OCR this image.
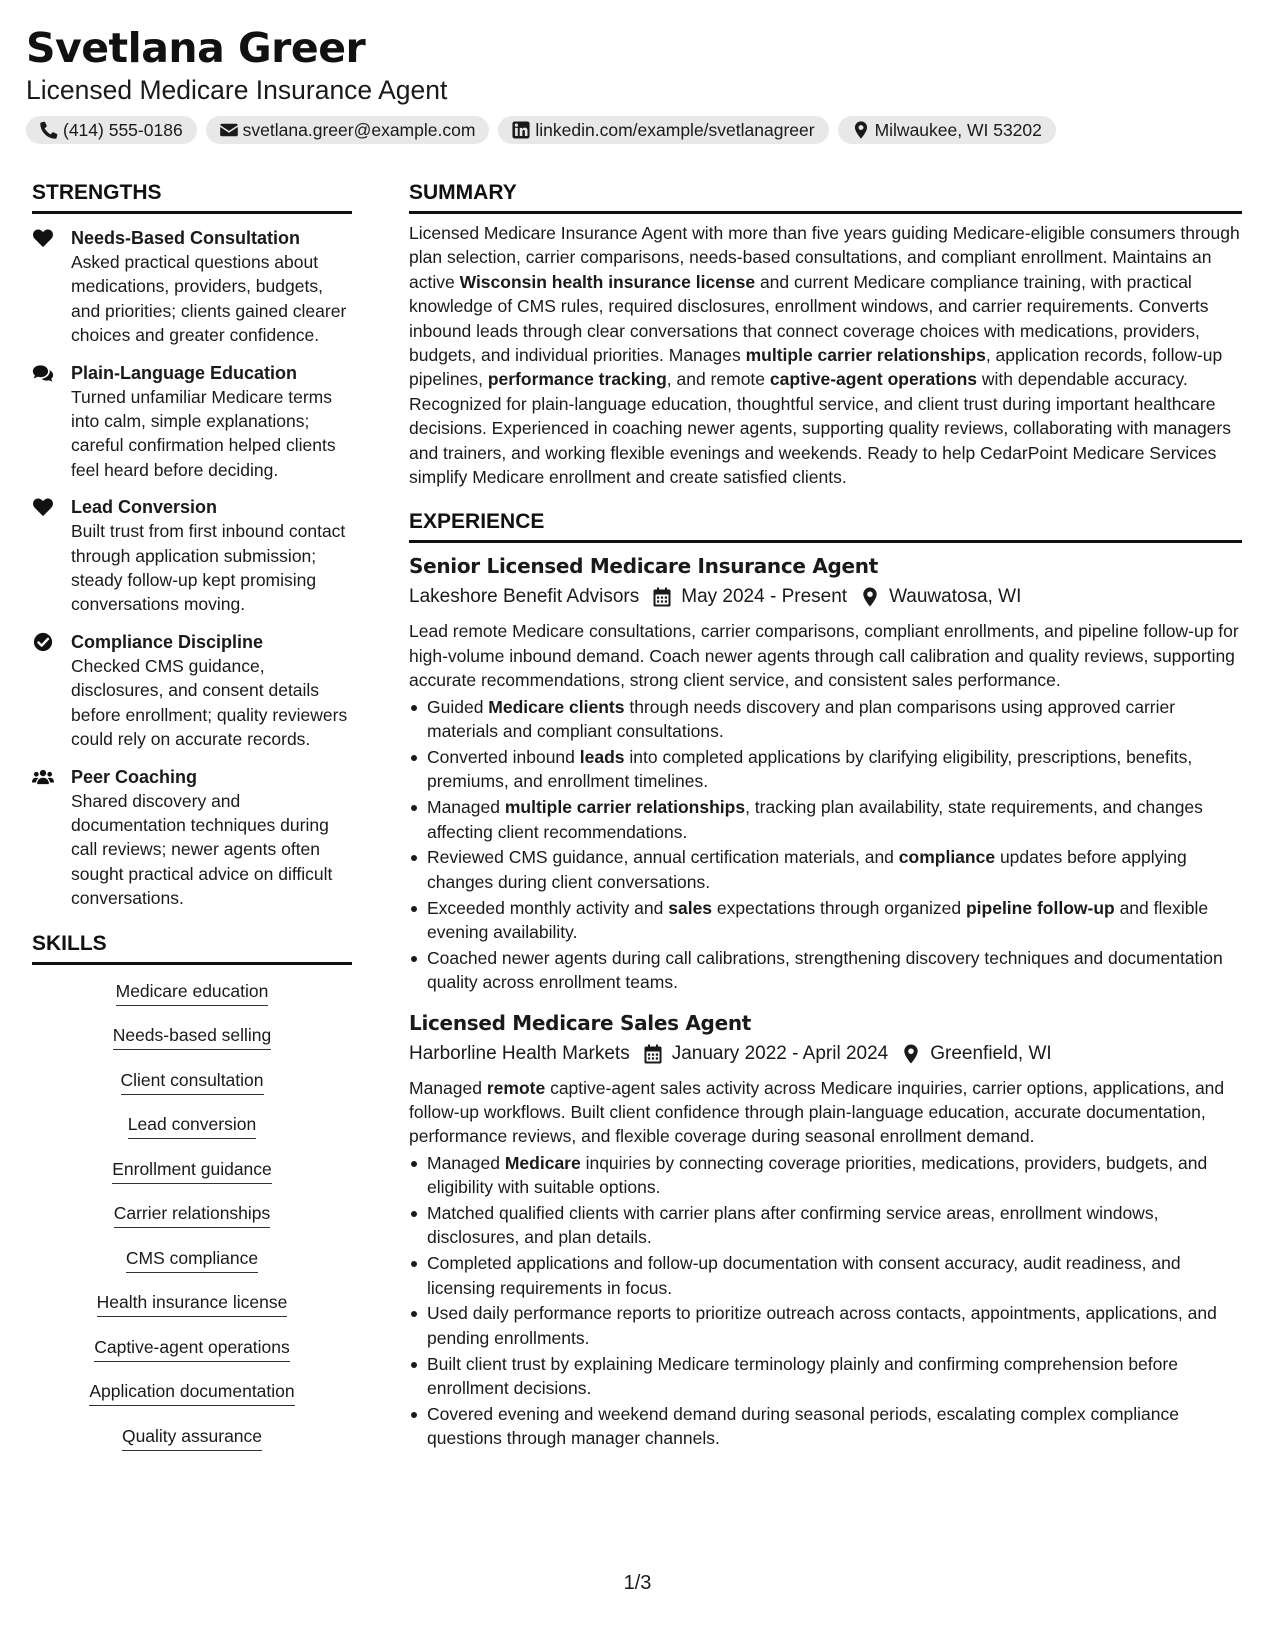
Svetlana Greer
Licensed Medicare Insurance Agent
(414) 555-0186	svetlana.greer@example.com	linkedin.com/example/svetlanagreer	Milwaukee, WI 53202
STRENGTHS
Needs-Based Consultation
Asked practical questions about medications, providers, budgets, and priorities; clients gained clearer choices and greater confidence.
Plain-Language Education
Turned unfamiliar Medicare terms into calm, simple explanations; careful confirmation helped clients feel heard before deciding.
Lead Conversion
Built trust from first inbound contact through application submission; steady follow-up kept promising conversations moving.
Compliance Discipline
Checked CMS guidance, disclosures, and consent details before enrollment; quality reviewers could rely on accurate records.
Peer Coaching
Shared discovery and documentation techniques during call reviews; newer agents often sought practical advice on difficult conversations.
SKILLS
Medicare education
Needs-based selling
Client consultation
Lead conversion
Enrollment guidance
Carrier relationships
CMS compliance
Health insurance license
Captive-agent operations
Application documentation
Quality assurance
SUMMARY
Licensed Medicare Insurance Agent with more than five years guiding Medicare-eligible consumers through plan selection, carrier comparisons, needs-based consultations, and compliant enrollment. Maintains an active Wisconsin health insurance license and current Medicare compliance training, with practical knowledge of CMS rules, required disclosures, enrollment windows, and carrier requirements. Converts inbound leads through clear conversations that connect coverage choices with medications, providers, budgets, and individual priorities. Manages multiple carrier relationships, application records, follow-up pipelines, performance tracking, and remote captive-agent operations with dependable accuracy. Recognized for plain-language education, thoughtful service, and client trust during important healthcare decisions. Experienced in coaching newer agents, supporting quality reviews, collaborating with managers and trainers, and working flexible evenings and weekends. Ready to help CedarPoint Medicare Services simplify Medicare enrollment and create satisfied clients.
EXPERIENCE
Senior Licensed Medicare Insurance Agent
Lakeshore Benefit Advisors May 2024 - Present Wauwatosa, WI
Lead remote Medicare consultations, carrier comparisons, compliant enrollments, and pipeline follow-up for high-volume inbound demand. Coach newer agents through call calibration and quality reviews, supporting accurate recommendations, strong client service, and consistent sales performance.
Guided Medicare clients through needs discovery and plan comparisons using approved carrier materials and compliant consultations.
Converted inbound leads into completed applications by clarifying eligibility, prescriptions, benefits, premiums, and enrollment timelines.
Managed multiple carrier relationships, tracking plan availability, state requirements, and changes affecting client recommendations.
Reviewed CMS guidance, annual certification materials, and compliance updates before applying changes during client conversations.
Exceeded monthly activity and sales expectations through organized pipeline follow-up and flexible evening availability.
Coached newer agents during call calibrations, strengthening discovery techniques and documentation quality across enrollment teams.
Licensed Medicare Sales Agent
Harborline Health Markets January 2022 - April 2024 Greenfield, WI
Managed remote captive-agent sales activity across Medicare inquiries, carrier options, applications, and follow-up workflows. Built client confidence through plain-language education, accurate documentation, performance reviews, and flexible coverage during seasonal enrollment demand.
Managed Medicare inquiries by connecting coverage priorities, medications, providers, budgets, and eligibility with suitable options.
Matched qualified clients with carrier plans after confirming service areas, enrollment windows, disclosures, and plan details.
Completed applications and follow-up documentation with consent accuracy, audit readiness, and licensing requirements in focus.
Used daily performance reports to prioritize outreach across contacts, appointments, applications, and pending enrollments.
Built client trust by explaining Medicare terminology plainly and confirming comprehension before enrollment decisions.
Covered evening and weekend demand during seasonal periods, escalating complex compliance questions through manager channels.
1/3
